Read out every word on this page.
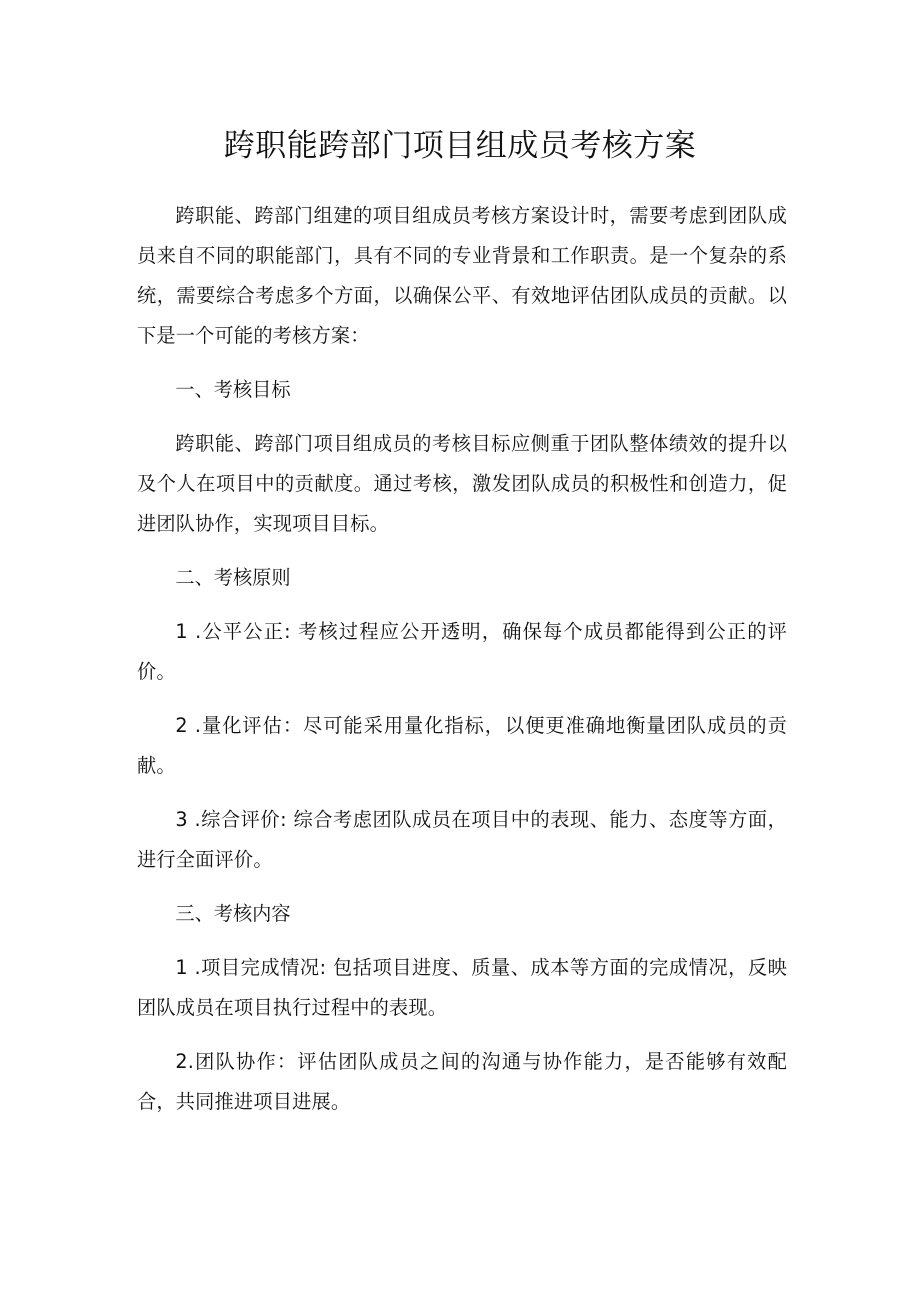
跨职能跨部门项目组成员考核方案

跨职能、跨部门组建的项目组成员考核方案设计时，需要考虑到团队成员来自不同的职能部门，具有不同的专业背景和工作职责。是一个复杂的系统，需要综合考虑多个方面，以确保公平、有效地评估团队成员的贡献。以下是一个可能的考核方案：

一、考核目标

跨职能、跨部门项目组成员的考核目标应侧重于团队整体绩效的提升以及个人在项目中的贡献度。通过考核，激发团队成员的积极性和创造力，促进团队协作，实现项目目标。

二、考核原则

1 .公平公正: 考核过程应公开透明，确保每个成员都能得到公正的评价。

2 .量化评估：尽可能采用量化指标，以便更准确地衡量团队成员的贡献。

3 .综合评价: 综合考虑团队成员在项目中的表现、能力、态度等方面，进行全面评价。

三、考核内容

1 .项目完成情况: 包括项目进度、质量、成本等方面的完成情况，反映团队成员在项目执行过程中的表现。

2.团队协作：评估团队成员之间的沟通与协作能力，是否能够有效配合，共同推进项目进展。
